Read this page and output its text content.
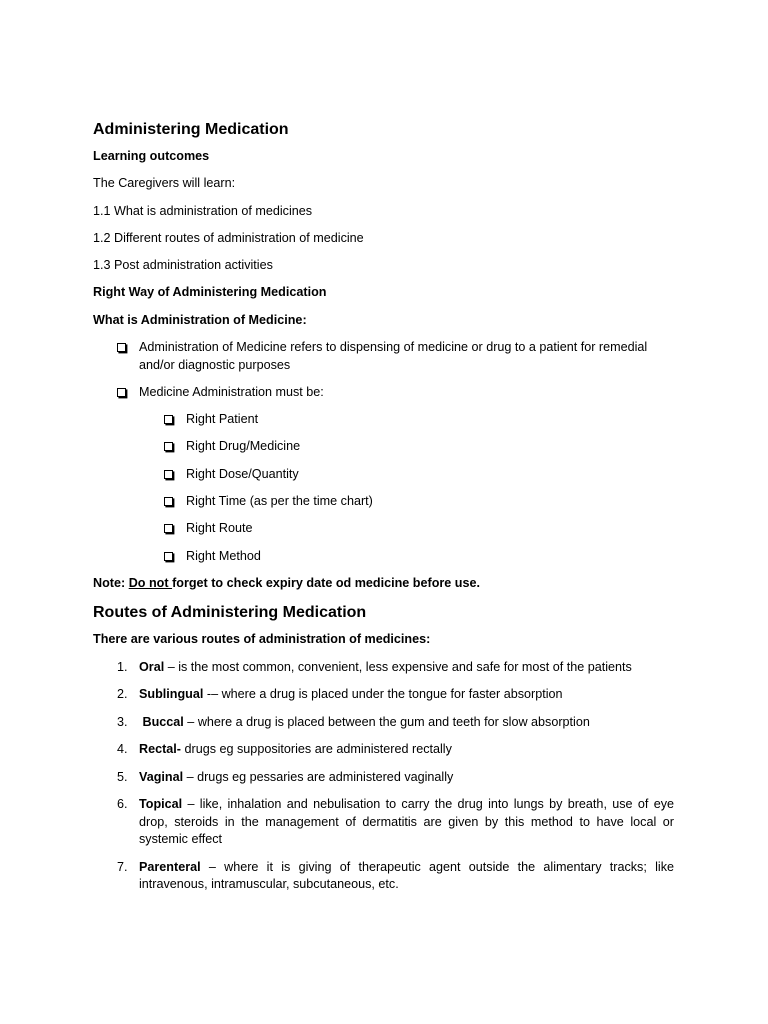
Administering Medication
Learning outcomes
The Caregivers will learn:
1.1 What is administration of medicines
1.2 Different routes of administration of medicine
1.3 Post administration activities
Right Way of Administering Medication
What is Administration of Medicine:
Administration of Medicine refers to dispensing of medicine or drug to a patient for remedial and/or diagnostic purposes
Medicine Administration must be:
Right Patient
Right Drug/Medicine
Right Dose/Quantity
Right Time (as per the time chart)
Right Route
Right Method
Note: Do not forget to check expiry date od medicine before use.
Routes of Administering Medication
There are various routes of administration of medicines:
1. Oral – is the most common, convenient, less expensive and safe for most of the patients
2. Sublingual -– where a drug is placed under the tongue for faster absorption
3. Buccal – where a drug is placed between the gum and teeth for slow absorption
4. Rectal- drugs eg suppositories are administered rectally
5. Vaginal – drugs eg pessaries are administered vaginally
6. Topical – like, inhalation and nebulisation to carry the drug into lungs by breath, use of eye drop, steroids in the management of dermatitis are given by this method to have local or systemic effect
7. Parenteral – where it is giving of therapeutic agent outside the alimentary tracks; like intravenous, intramuscular, subcutaneous, etc.
